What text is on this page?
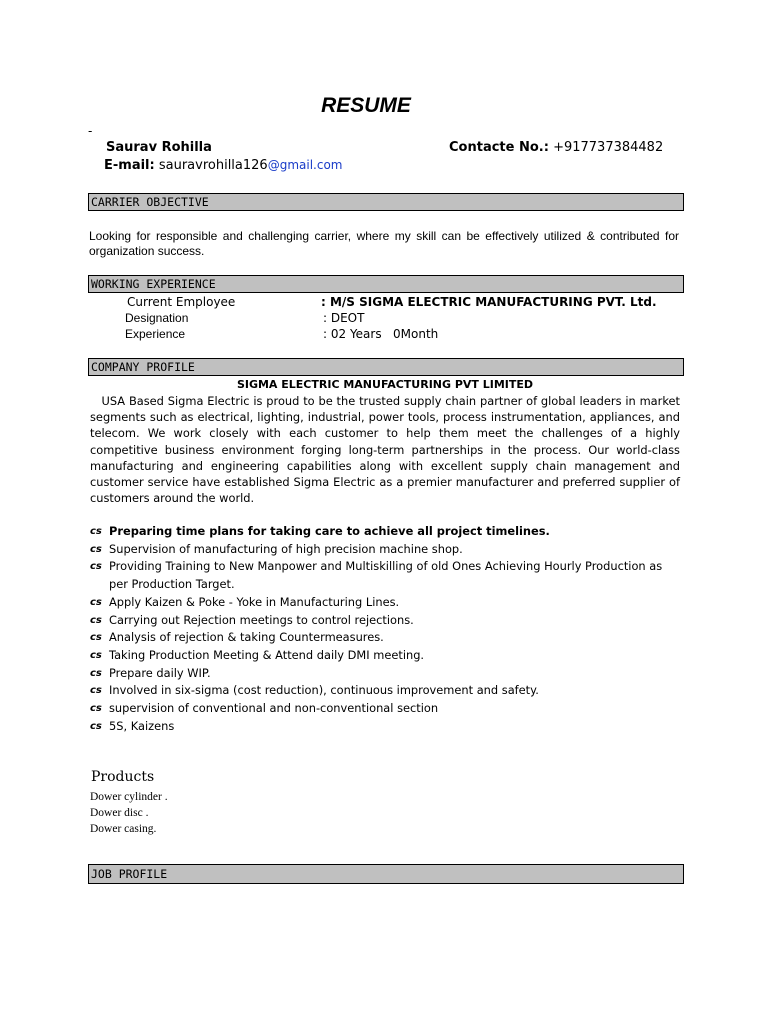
RESUME
-
Saurav Rohilla	Contacte No.: +917737384482
E-mail: sauravrohilla126@gmail.com
CARRIER OBJECTIVE
Looking for responsible and challenging carrier, where my skill can be effectively utilized & contributed for organization success.
WORKING EXPERIENCE
Current Employee	: M/S SIGMA ELECTRIC MANUFACTURING PVT. Ltd.
Designation	: DEOT
Experience	: 02 Years   0Month
COMPANY PROFILE
SIGMA ELECTRIC MANUFACTURING PVT LIMITED
USA Based Sigma Electric is proud to be the trusted supply chain partner of global leaders in market segments such as electrical, lighting, industrial, power tools, process instrumentation, appliances, and telecom. We work closely with each customer to help them meet the challenges of a highly competitive business environment forging long-term partnerships in the process. Our world-class manufacturing and engineering capabilities along with excellent supply chain management and customer service have established Sigma Electric as a premier manufacturer and preferred supplier of customers around the world.
cs Preparing time plans for taking care to achieve all project timelines.
cs Supervision of manufacturing of high precision machine shop.
cs Providing Training to New Manpower and Multiskilling of old Ones Achieving Hourly Production as per Production Target.
cs Apply Kaizen & Poke - Yoke in Manufacturing Lines.
cs Carrying out Rejection meetings to control rejections.
cs Analysis of rejection & taking Countermeasures.
cs Taking Production Meeting & Attend daily DMI meeting.
cs Prepare daily WIP.
cs Involved in six-sigma (cost reduction), continuous improvement and safety.
cs supervision of conventional and non-conventional section
cs 5S, Kaizens
Products
Dower cylinder .
Dower disc .
Dower casing.
JOB PROFILE
